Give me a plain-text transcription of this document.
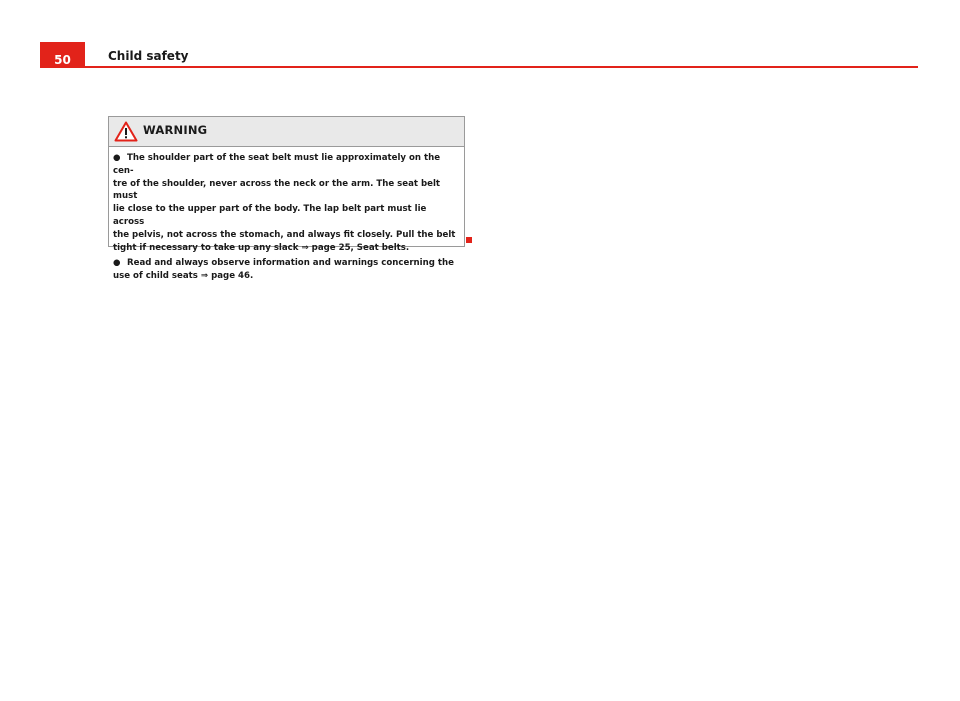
50	Child safety
WARNING
● The shoulder part of the seat belt must lie approximately on the cen-
tre of the shoulder, never across the neck or the arm. The seat belt must
lie close to the upper part of the body. The lap belt part must lie across
the pelvis, not across the stomach, and always fit closely. Pull the belt
tight if necessary to take up any slack ⇒ page 25, Seat belts.
● Read and always observe information and warnings concerning the
use of child seats ⇒ page 46.
